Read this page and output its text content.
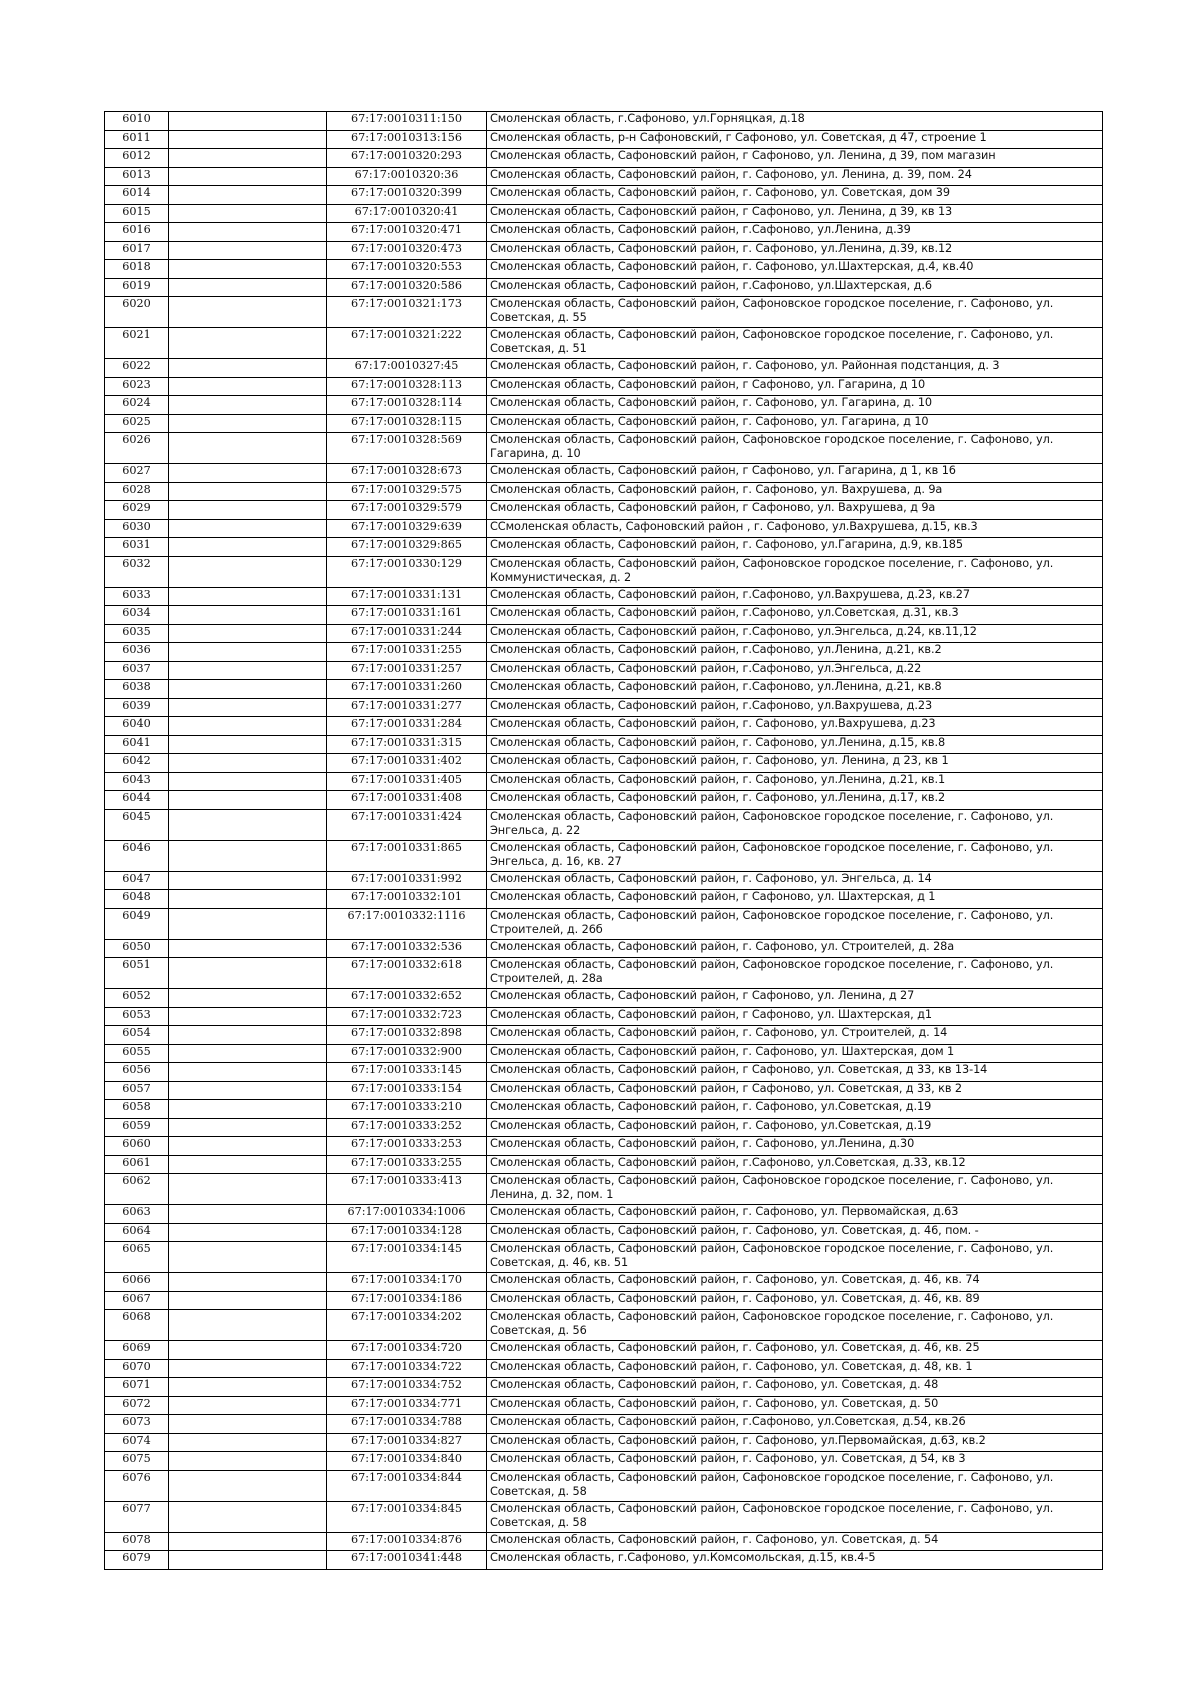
6010		67:17:0010311:150	Смоленская область, г.Сафоново, ул.Горняцкая, д.18
6011		67:17:0010313:156	Смоленская область, р-н Сафоновский, г Сафоново, ул. Советская, д 47, строение 1
6012		67:17:0010320:293	Смоленская область, Сафоновский район, г Сафоново, ул. Ленина, д 39, пом магазин
6013		67:17:0010320:36	Смоленская область, Сафоновский район, г. Сафоново, ул. Ленина, д. 39, пом. 24
6014		67:17:0010320:399	Смоленская область, Сафоновский район, г. Сафоново, ул. Советская, дом 39
6015		67:17:0010320:41	Смоленская область, Сафоновский район, г Сафоново, ул. Ленина, д 39, кв 13
6016		67:17:0010320:471	Смоленская область, Сафоновский район, г.Сафоново, ул.Ленина, д.39
6017		67:17:0010320:473	Смоленская область, Сафоновский район, г. Сафоново, ул.Ленина, д.39, кв.12
6018		67:17:0010320:553	Смоленская область, Сафоновский район, г. Сафоново, ул.Шахтерская, д.4, кв.40
6019		67:17:0010320:586	Смоленская область, Сафоновский район, г.Сафоново, ул.Шахтерская, д.6
6020		67:17:0010321:173	Смоленская область, Сафоновский район, Сафоновское городское поселение, г. Сафоново, ул. Советская, д. 55
6021		67:17:0010321:222	Смоленская область, Сафоновский район, Сафоновское городское поселение, г. Сафоново, ул. Советская, д. 51
6022		67:17:0010327:45	Смоленская область, Сафоновский район, г. Сафоново, ул. Районная подстанция, д. 3
6023		67:17:0010328:113	Смоленская область, Сафоновский район, г Сафоново, ул. Гагарина, д 10
6024		67:17:0010328:114	Смоленская область, Сафоновский район, г. Сафоново, ул. Гагарина, д. 10
6025		67:17:0010328:115	Смоленская область, Сафоновский район, г. Сафоново, ул. Гагарина, д 10
6026		67:17:0010328:569	Смоленская область, Сафоновский район, Сафоновское городское поселение, г. Сафоново, ул. Гагарина, д. 10
6027		67:17:0010328:673	Смоленская область, Сафоновский район, г Сафоново, ул. Гагарина, д 1, кв 16
6028		67:17:0010329:575	Смоленская область, Сафоновский район, г. Сафоново, ул. Вахрушева, д. 9а
6029		67:17:0010329:579	Смоленская область, Сафоновский район, г Сафоново, ул. Вахрушева, д 9а
6030		67:17:0010329:639	ССмоленская область, Сафоновский район , г. Сафоново, ул.Вахрушева, д.15, кв.3
6031		67:17:0010329:865	Смоленская область, Сафоновский район, г. Сафоново, ул.Гагарина, д.9, кв.185
6032		67:17:0010330:129	Смоленская область, Сафоновский район, Сафоновское городское поселение, г. Сафоново, ул. Коммунистическая, д. 2
6033		67:17:0010331:131	Смоленская область, Сафоновский район, г.Сафоново, ул.Вахрушева, д.23, кв.27
6034		67:17:0010331:161	Смоленская область, Сафоновский район, г.Сафоново, ул.Советская, д.31, кв.3
6035		67:17:0010331:244	Смоленская область, Сафоновский район, г.Сафоново, ул.Энгельса, д.24, кв.11,12
6036		67:17:0010331:255	Смоленская область, Сафоновский район, г.Сафоново, ул.Ленина, д.21, кв.2
6037		67:17:0010331:257	Смоленская область, Сафоновский район, г.Сафоново, ул.Энгельса, д.22
6038		67:17:0010331:260	Смоленская область, Сафоновский район, г.Сафоново, ул.Ленина, д.21, кв.8
6039		67:17:0010331:277	Смоленская область, Сафоновский район, г.Сафоново, ул.Вахрушева, д.23
6040		67:17:0010331:284	Смоленская область, Сафоновский район, г. Сафоново, ул.Вахрушева, д.23
6041		67:17:0010331:315	Смоленская область, Сафоновский район, г. Сафоново, ул.Ленина, д.15, кв.8
6042		67:17:0010331:402	Смоленская область, Сафоновский район, г. Сафоново, ул. Ленина, д 23, кв 1
6043		67:17:0010331:405	Смоленская область, Сафоновский район, г. Сафоново, ул.Ленина, д.21, кв.1
6044		67:17:0010331:408	Смоленская область, Сафоновский район, г. Сафоново, ул.Ленина, д.17, кв.2
6045		67:17:0010331:424	Смоленская область, Сафоновский район, Сафоновское городское поселение, г. Сафоново, ул. Энгельса, д. 22
6046		67:17:0010331:865	Смоленская область, Сафоновский район, Сафоновское городское поселение, г. Сафоново, ул. Энгельса, д. 16, кв. 27
6047		67:17:0010331:992	Смоленская область, Сафоновский район, г. Сафоново, ул. Энгельса, д. 14
6048		67:17:0010332:101	Смоленская область, Сафоновский район, г Сафоново, ул. Шахтерская, д 1
6049		67:17:0010332:1116	Смоленская область, Сафоновский район, Сафоновское городское поселение, г. Сафоново, ул. Строителей, д. 26б
6050		67:17:0010332:536	Смоленская область, Сафоновский район, г. Сафоново, ул. Строителей, д. 28а
6051		67:17:0010332:618	Смоленская область, Сафоновский район, Сафоновское городское поселение, г. Сафоново, ул. Строителей, д. 28а
6052		67:17:0010332:652	Смоленская область, Сафоновский район, г Сафоново, ул. Ленина, д 27
6053		67:17:0010332:723	Смоленская область, Сафоновский район, г Сафоново, ул. Шахтерская, д1
6054		67:17:0010332:898	Смоленская область, Сафоновский район, г. Сафоново, ул. Строителей, д. 14
6055		67:17:0010332:900	Смоленская область, Сафоновский район, г. Сафоново, ул. Шахтерская, дом 1
6056		67:17:0010333:145	Смоленская область, Сафоновский район, г Сафоново, ул. Советская, д 33, кв 13-14
6057		67:17:0010333:154	Смоленская область, Сафоновский район, г Сафоново, ул. Советская, д 33, кв 2
6058		67:17:0010333:210	Смоленская область, Сафоновский район, г. Сафоново, ул.Советская, д.19
6059		67:17:0010333:252	Смоленская область, Сафоновский район, г. Сафоново, ул.Советская, д.19
6060		67:17:0010333:253	Смоленская область, Сафоновский район, г. Сафоново, ул.Ленина, д.30
6061		67:17:0010333:255	Смоленская область, Сафоновский район, г.Сафоново, ул.Советская, д.33, кв.12
6062		67:17:0010333:413	Смоленская область, Сафоновский район, Сафоновское городское поселение, г. Сафоново, ул. Ленина, д. 32, пом. 1
6063		67:17:0010334:1006	Смоленская область, Сафоновский район, г. Сафоново, ул. Первомайская, д.63
6064		67:17:0010334:128	Смоленская область, Сафоновский район, г. Сафоново, ул. Советская, д. 46, пом. -
6065		67:17:0010334:145	Смоленская область, Сафоновский район, Сафоновское городское поселение, г. Сафоново, ул. Советская, д. 46, кв. 51
6066		67:17:0010334:170	Смоленская область, Сафоновский район, г. Сафоново, ул. Советская, д. 46, кв. 74
6067		67:17:0010334:186	Смоленская область, Сафоновский район, г. Сафоново, ул. Советская, д. 46, кв. 89
6068		67:17:0010334:202	Смоленская область, Сафоновский район, Сафоновское городское поселение, г. Сафоново, ул. Советская, д. 56
6069		67:17:0010334:720	Смоленская область, Сафоновский район, г. Сафоново, ул. Советская, д. 46, кв. 25
6070		67:17:0010334:722	Смоленская область, Сафоновский район, г. Сафоново, ул. Советская, д. 48, кв. 1
6071		67:17:0010334:752	Смоленская область, Сафоновский район, г. Сафоново, ул. Советская, д. 48
6072		67:17:0010334:771	Смоленская область, Сафоновский район, г. Сафоново, ул. Советская, д. 50
6073		67:17:0010334:788	Смоленская область, Сафоновский район, г.Сафоново, ул.Советская, д.54, кв.26
6074		67:17:0010334:827	Смоленская область, Сафоновский район, г. Сафоново, ул.Первомайская, д.63, кв.2
6075		67:17:0010334:840	Смоленская область, Сафоновский район, г. Сафоново, ул. Советская, д 54, кв 3
6076		67:17:0010334:844	Смоленская область, Сафоновский район, Сафоновское городское поселение, г. Сафоново, ул. Советская, д. 58
6077		67:17:0010334:845	Смоленская область, Сафоновский район, Сафоновское городское поселение, г. Сафоново, ул. Советская, д. 58
6078		67:17:0010334:876	Смоленская область, Сафоновский район, г. Сафоново, ул. Советская, д. 54
6079		67:17:0010341:448	Смоленская область, г.Сафоново, ул.Комсомольская, д.15, кв.4-5
